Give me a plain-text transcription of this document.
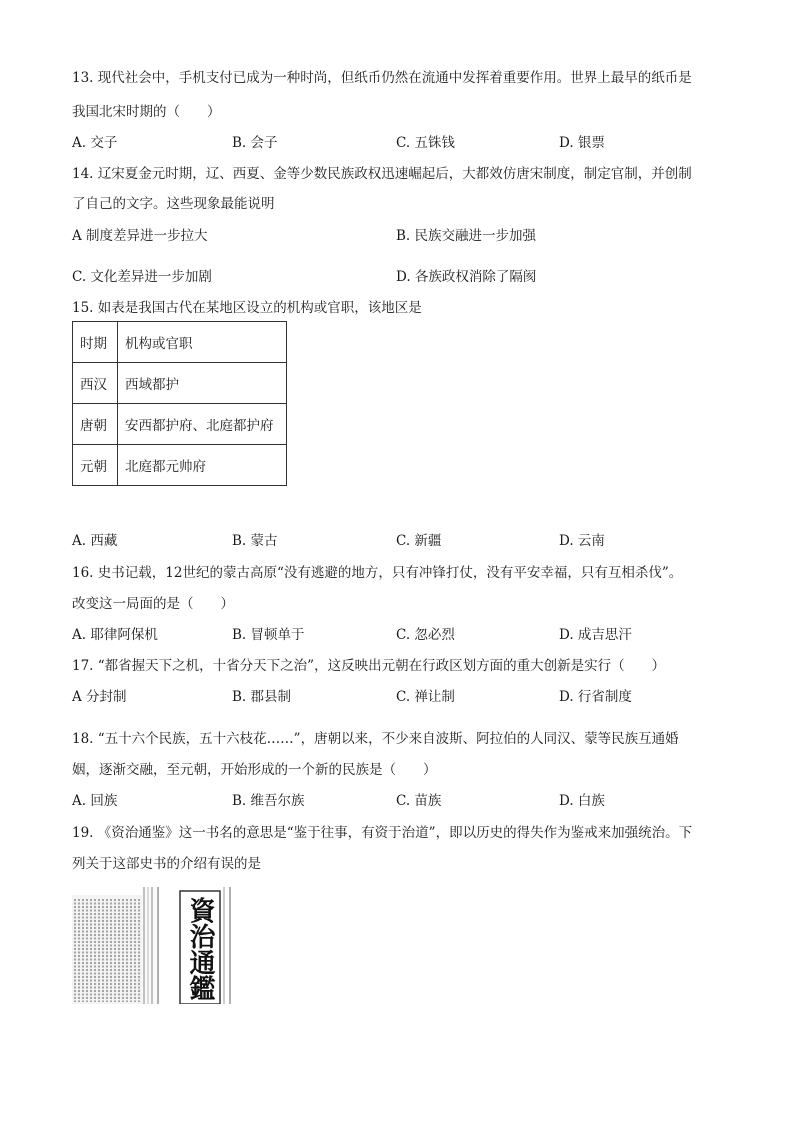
13. 现代社会中，手机支付已成为一种时尚，但纸币仍然在流通中发挥着重要作用。世界上最早的纸币是
我国北宋时期的（　　）
A. 交子	B. 会子	C. 五铢钱	D. 银票
14. 辽宋夏金元时期，辽、西夏、金等少数民族政权迅速崛起后，大都效仿唐宋制度，制定官制，并创制
了自己的文字。这些现象最能说明
A 制度差异进一步拉大	B. 民族交融进一步加强
C. 文化差异进一步加剧	D. 各族政权消除了隔阂
15. 如表是我国古代在某地区设立的机构或官职，该地区是
时期	机构或官职
西汉	西域都护
唐朝	安西都护府、北庭都护府
元朝	北庭都元帅府
A. 西藏	B. 蒙古	C. 新疆	D. 云南
16. 史书记载，12世纪的蒙古高原“没有逃避的地方，只有冲锋打仗，没有平安幸福，只有互相杀伐”。
改变这一局面的是（　　）
A. 耶律阿保机	B. 冒顿单于	C. 忽必烈	D. 成吉思汗
17. “都省握天下之机，十省分天下之治”，这反映出元朝在行政区划方面的重大创新是实行（　　）
A 分封制	B. 郡县制	C. 禅让制	D. 行省制度
18. “五十六个民族，五十六枝花……”，唐朝以来，不少来自波斯、阿拉伯的人同汉、蒙等民族互通婚
姻，逐渐交融，至元朝，开始形成的一个新的民族是（　　）
A. 回族	B. 维吾尔族	C. 苗族	D. 白族
19. 《资治通鉴》这一书名的意思是“鉴于往事，有资于治道”，即以历史的得失作为鉴戒来加强统治。下
列关于这部史书的介绍有误的是
資治通鑑
